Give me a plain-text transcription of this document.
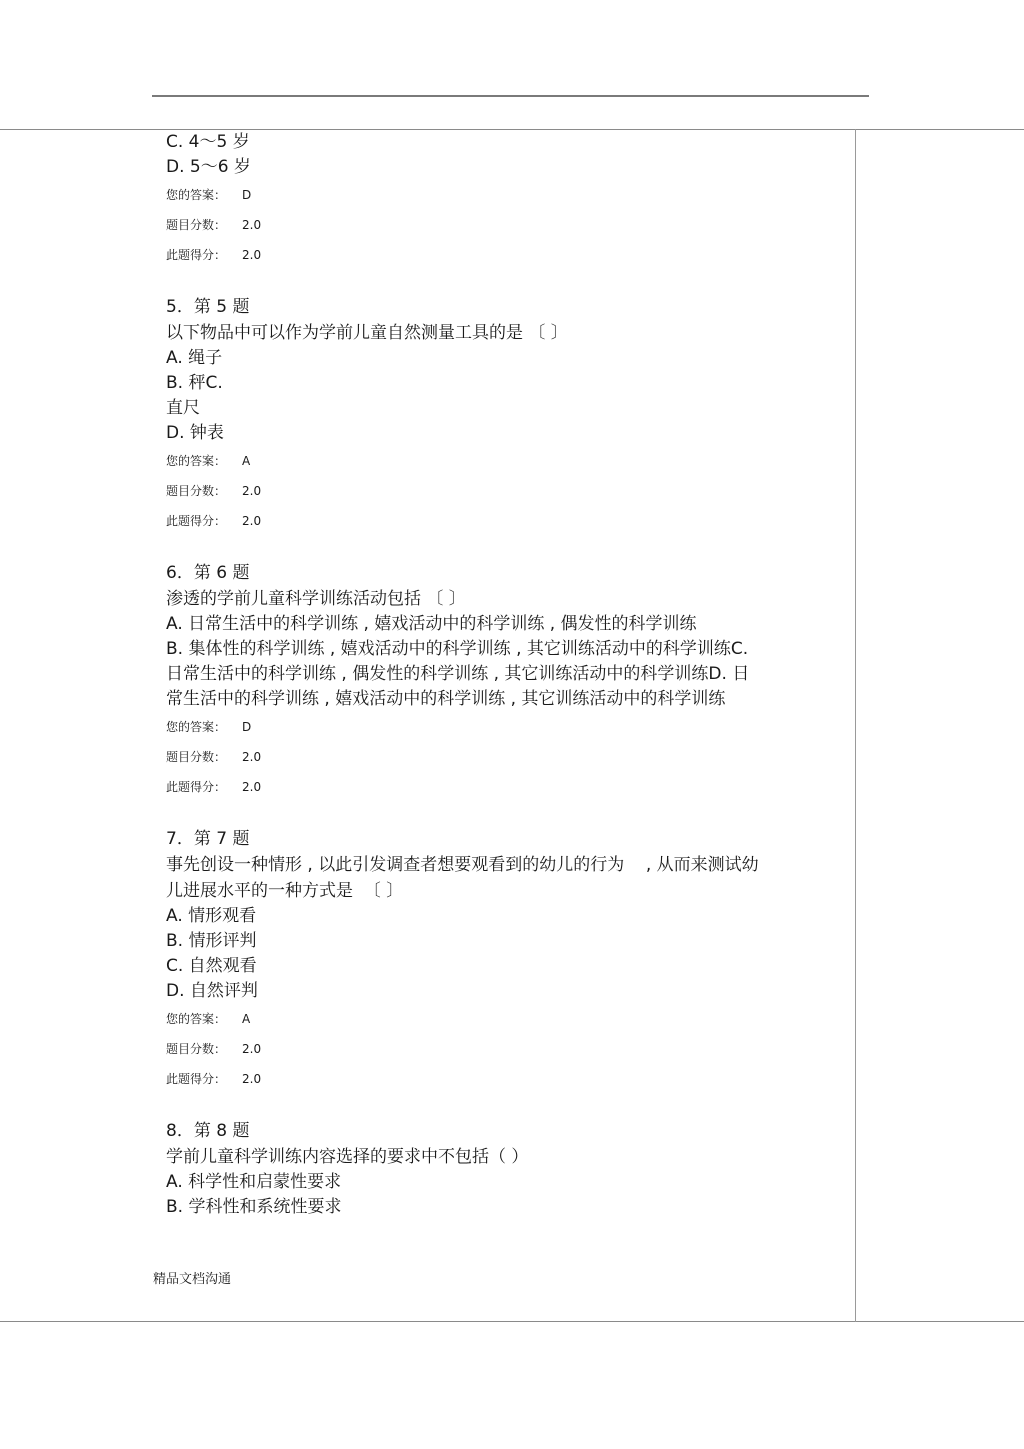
C. 4～5 岁
D. 5～6 岁
您的答案： D
题目分数： 2.0
此题得分： 2.0
5．第 5 题
以下物品中可以作为学前儿童自然测量工具的是 〔 〕
A. 绳子
B. 秤C.
直尺
D. 钟表
您的答案： A
题目分数： 2.0
此题得分： 2.0
6．第 6 题
渗透的学前儿童科学训练活动包括 〔 〕
A. 日常生活中的科学训练 , 嬉戏活动中的科学训练 , 偶发性的科学训练
B. 集体性的科学训练 , 嬉戏活动中的科学训练 , 其它训练活动中的科学训练C.
日常生活中的科学训练 , 偶发性的科学训练 , 其它训练活动中的科学训练D. 日
常生活中的科学训练 , 嬉戏活动中的科学训练 , 其它训练活动中的科学训练
您的答案： D
题目分数： 2.0
此题得分： 2.0
7．第 7 题
事先创设一种情形 , 以此引发调查者想要观看到的幼儿的行为    , 从而来测试幼
儿进展水平的一种方式是  〔 〕
A. 情形观看
B. 情形评判
C. 自然观看
D. 自然评判
您的答案： A
题目分数： 2.0
此题得分： 2.0
8．第 8 题
学前儿童科学训练内容选择的要求中不包括（ ）
A. 科学性和启蒙性要求
B. 学科性和系统性要求
精品文档沟通
